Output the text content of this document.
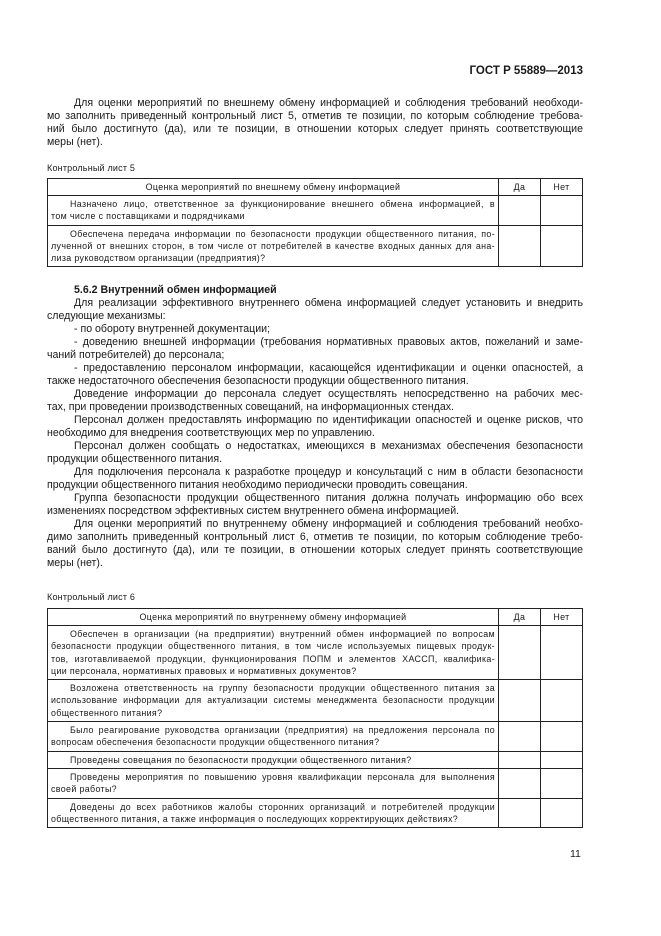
ГОСТ Р 55889—2013
Для оценки мероприятий по внешнему обмену информацией и соблюдения требований необходи-
мо заполнить приведенный контрольный лист 5, отметив те позиции, по которым соблюдение требова-
ний было достигнуто (да), или те позиции, в отношении которых следует принять соответствующие
меры (нет).
Контрольный лист 5
Оценка мероприятий по внешнему обмену информацией	Да	Нет

Назначено лицо, ответственное за функционирование внешнего обмена информацией, в
том числе с поставщиками и подрядчиками		

Обеспечена передача информации по безопасности продукции общественного питания, по-
лученной от внешних сторон, в том числе от потребителей в качестве входных данных для ана-
лиза руководством организации (предприятия)?		

5.6.2 Внутренний обмен информацией
Для реализации эффективного внутреннего обмена информацией следует установить и внедрить
следующие механизмы:
- по обороту внутренней документации;
- доведению внешней информации (требования нормативных правовых актов, пожеланий и заме-
чаний потребителей) до персонала;
- предоставлению персоналом информации, касающейся идентификации и оценки опасностей, а
также недостаточного обеспечения безопасности продукции общественного питания.
Доведение информации до персонала следует осуществлять непосредственно на рабочих мес-
тах, при проведении производственных совещаний, на информационных стендах.
Персонал должен предоставлять информацию по идентификации опасностей и оценке рисков, что
необходимо для внедрения соответствующих мер по управлению.
Персонал должен сообщать о недостатках, имеющихся в механизмах обеспечения безопасности
продукции общественного питания.
Для подключения персонала к разработке процедур и консультаций с ним в области безопасности
продукции общественного питания необходимо периодически проводить совещания.
Группа безопасности продукции общественного питания должна получать информацию обо всех
изменениях посредством эффективных систем внутреннего обмена информацией.
Для оценки мероприятий по внутреннему обмену информацией и соблюдения требований необхо-
димо заполнить приведенный контрольный лист 6, отметив те позиции, по которым соблюдение требо-
ваний было достигнуто (да), или те позиции, в отношении которых следует принять соответствующие
меры (нет).
Контрольный лист 6
Оценка мероприятий по внутреннему обмену информацией	Да	Нет

Обеспечен в организации (на предприятии) внутренний обмен информацией по вопросам
безопасности продукции общественного питания, в том числе используемых пищевых продук-
тов, изготавливаемой продукции, функционирования ПОПМ и элементов ХАССП, квалифика-
ции персонала, нормативных правовых и нормативных документов?		

Возложена ответственность на группу безопасности продукции общественного питания за
использование информации для актуализации системы менеджмента безопасности продукции
общественного питания?		

Было реагирование руководства организации (предприятия) на предложения персонала по
вопросам обеспечения безопасности продукции общественного питания?		

Проведены совещания по безопасности продукции общественного питания?		

Проведены мероприятия по повышению уровня квалификации персонала для выполнения
своей работы?		

Доведены до всех работников жалобы сторонних организаций и потребителей продукции
общественного питания, а также информация о последующих корректирующих действиях?		

11
